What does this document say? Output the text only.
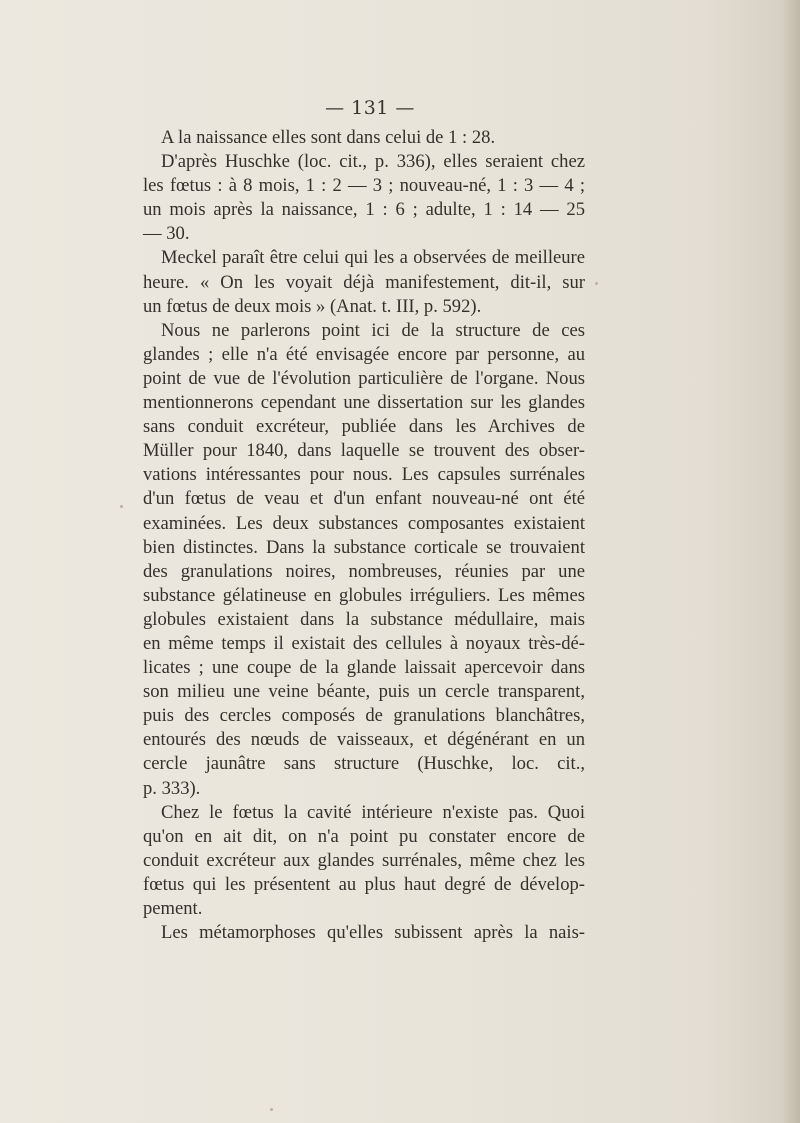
— 131 —
A la naissance elles sont dans celui de 1 : 28.
D'après Huschke (loc. cit., p. 336), elles seraient chez
les fœtus : à 8 mois, 1 : 2 — 3 ; nouveau-né, 1 : 3 — 4 ;
un mois après la naissance, 1 : 6 ; adulte, 1 : 14 — 25
— 30.
Meckel paraît être celui qui les a observées de meilleure
heure. « On les voyait déjà manifestement, dit-il, sur
un fœtus de deux mois » (Anat. t. III, p. 592).
Nous ne parlerons point ici de la structure de ces
glandes ; elle n'a été envisagée encore par personne, au
point de vue de l'évolution particulière de l'organe. Nous
mentionnerons cependant une dissertation sur les glandes
sans conduit excréteur, publiée dans les Archives de
Müller pour 1840, dans laquelle se trouvent des obser-
vations intéressantes pour nous. Les capsules surrénales
d'un fœtus de veau et d'un enfant nouveau-né ont été
examinées. Les deux substances composantes existaient
bien distinctes. Dans la substance corticale se trouvaient
des granulations noires, nombreuses, réunies par une
substance gélatineuse en globules irréguliers. Les mêmes
globules existaient dans la substance médullaire, mais
en même temps il existait des cellules à noyaux très-dé-
licates ; une coupe de la glande laissait apercevoir dans
son milieu une veine béante, puis un cercle transparent,
puis des cercles composés de granulations blanchâtres,
entourés des nœuds de vaisseaux, et dégénérant en un
cercle jaunâtre sans structure (Huschke, loc. cit.,
p. 333).
Chez le fœtus la cavité intérieure n'existe pas. Quoi
qu'on en ait dit, on n'a point pu constater encore de
conduit excréteur aux glandes surrénales, même chez les
fœtus qui les présentent au plus haut degré de dévelop-
pement.
Les métamorphoses qu'elles subissent après la nais-
